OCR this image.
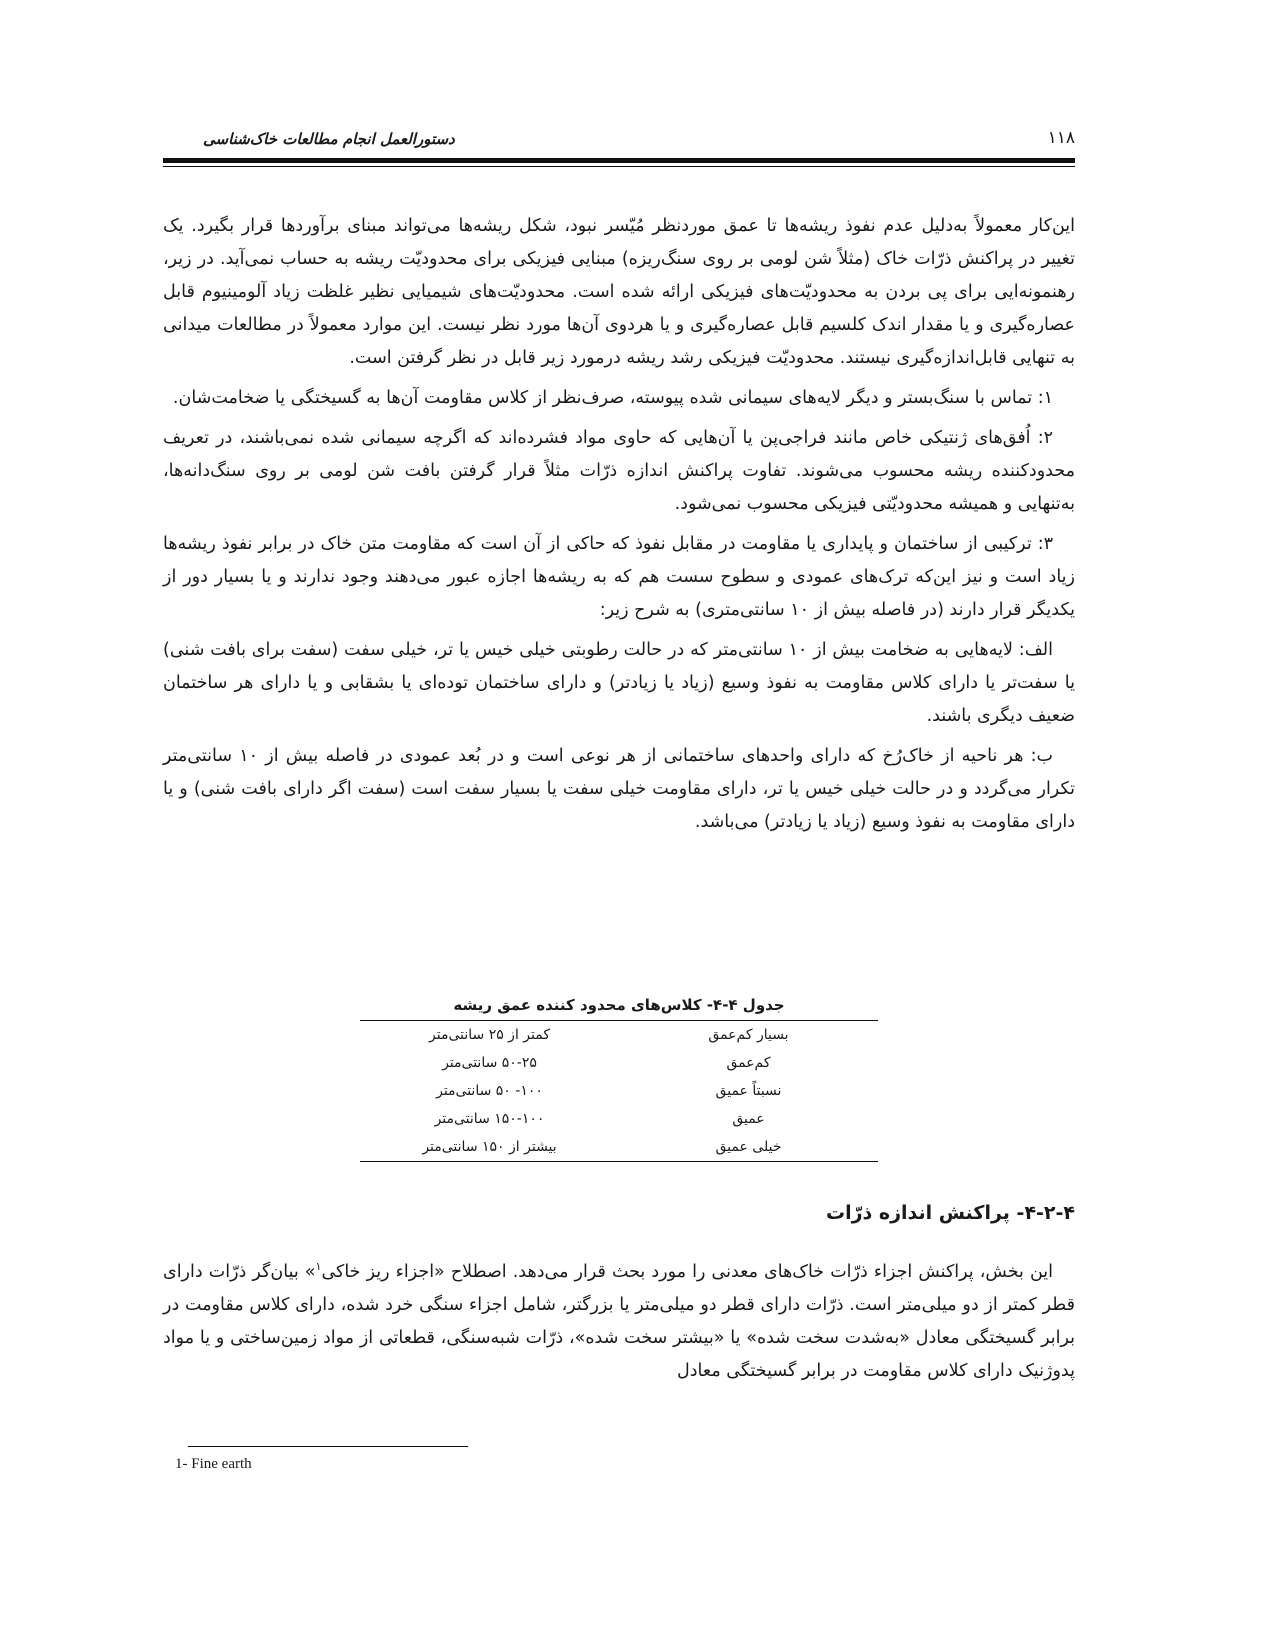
۱۱۸
دستورالعمل انجام مطالعات خاک‌شناسی

این‌کار معمولاً به‌دلیل عدم نفوذ ریشه‌ها تا عمق موردنظر مُیّسر نبود، شکل ریشه‌ها می‌تواند مبنای برآوردها قرار بگیرد. یک تغییر در پراکنش ذرّات خاک (مثلاً شن لومی بر روی سنگ‌ریزه) مبنایی فیزیکی برای محدودیّت ریشه به حساب نمی‌آید. در زیر، رهنمونه‌ایی برای پی بردن به محدودیّت‌های فیزیکی ارائه شده است. محدودیّت‌های شیمیایی نظیر غلظت زیاد آلومینیوم قابل عصاره‌گیری و یا مقدار اندک کلسیم قابل عصاره‌گیری و یا هردوی آن‌ها مورد نظر نیست. این موارد معمولاً در مطالعات میدانی به تنهایی قابل‌اندازه‌گیری نیستند. محدودیّت فیزیکی رشد ریشه درمورد زیر قابل در نظر گرفتن است.

۱: تماس با سنگ‌بستر و دیگر لایه‌های سیمانی شده پیوسته، صرف‌نظر از کلاس مقاومت آن‌ها به گسیختگی یا ضخامت‌شان.

۲: اُفق‌های ژنتیکی خاص مانند فراجی‌پن یا آن‌هایی که حاوی مواد فشرده‌اند که اگرچه سیمانی شده نمی‌باشند، در تعریف محدودکننده ریشه محسوب می‌شوند. تفاوت پراکنش اندازه ذرّات مثلاً قرار گرفتن بافت شن لومی بر روی سنگ‌دانه‌ها، به‌تنهایی و همیشه محدودیّتی فیزیکی محسوب نمی‌شود.

۳: ترکیبی از ساختمان و پایداری یا مقاومت در مقابل نفوذ که حاکی از آن است که مقاومت متن خاک در برابر نفوذ ریشه‌ها زیاد است و نیز این‌که ترک‌های عمودی و سطوح سست هم که به ریشه‌ها اجازه عبور می‌دهند وجود ندارند و یا بسیار دور از یکدیگر قرار دارند (در فاصله بیش از ۱۰ سانتی‌متری) به شرح زیر:

الف: لایه‌هایی به ضخامت بیش از ۱۰ سانتی‌متر که در حالت رطوبتی خیلی خیس یا تر، خیلی سفت (سفت برای بافت شنی) یا سفت‌تر یا دارای کلاس مقاومت به نفوذ وسیع (زیاد یا زیادتر) و دارای ساختمان توده‌ای یا بشقابی و یا دارای هر ساختمان ضعیف دیگری باشند.

ب: هر ناحیه از خاک‌رُخ که دارای واحدهای ساختمانی از هر نوعی است و در بُعد عمودی در فاصله بیش از ۱۰ سانتی‌متر تکرار می‌گردد و در حالت خیلی خیس یا تر، دارای مقاومت خیلی سفت یا بسیار سفت است (سفت اگر دارای بافت شنی) و یا دارای مقاومت به نفوذ وسیع (زیاد یا زیادتر) می‌باشد.

جدول ۴-۴- کلاس‌های محدود کننده عمق ریشه
بسیار کم‌عمق	کمتر از ۲۵ سانتی‌متر
کم‌عمق	۵۰-۲۵ سانتی‌متر
نسبتاً عمیق	۱۰۰- ۵۰ سانتی‌متر
عمیق	۱۵۰-۱۰۰ سانتی‌متر
خیلی عمیق	بیشتر از ۱۵۰ سانتی‌متر
۴-۲-۴- پراکنش اندازه ذرّات

این بخش، پراکنش اجزاء ذرّات خاک‌های معدنی را مورد بحث قرار می‌دهد. اصطلاح «اجزاء ریز خاکی$^۱$» بیان‌گر ذرّات دارای قطر کمتر از دو میلی‌متر است. ذرّات دارای قطر دو میلی‌متر یا بزرگتر، شامل اجزاء سنگی خرد شده، دارای کلاس مقاومت در برابر گسیختگی معادل «به‌شدت سخت شده» یا «بیشتر سخت شده»، ذرّات شبه‌سنگی، قطعاتی از مواد زمین‌ساختی و یا مواد پدوژنیک دارای کلاس مقاومت در برابر گسیختگی معادل

1- Fine earth
